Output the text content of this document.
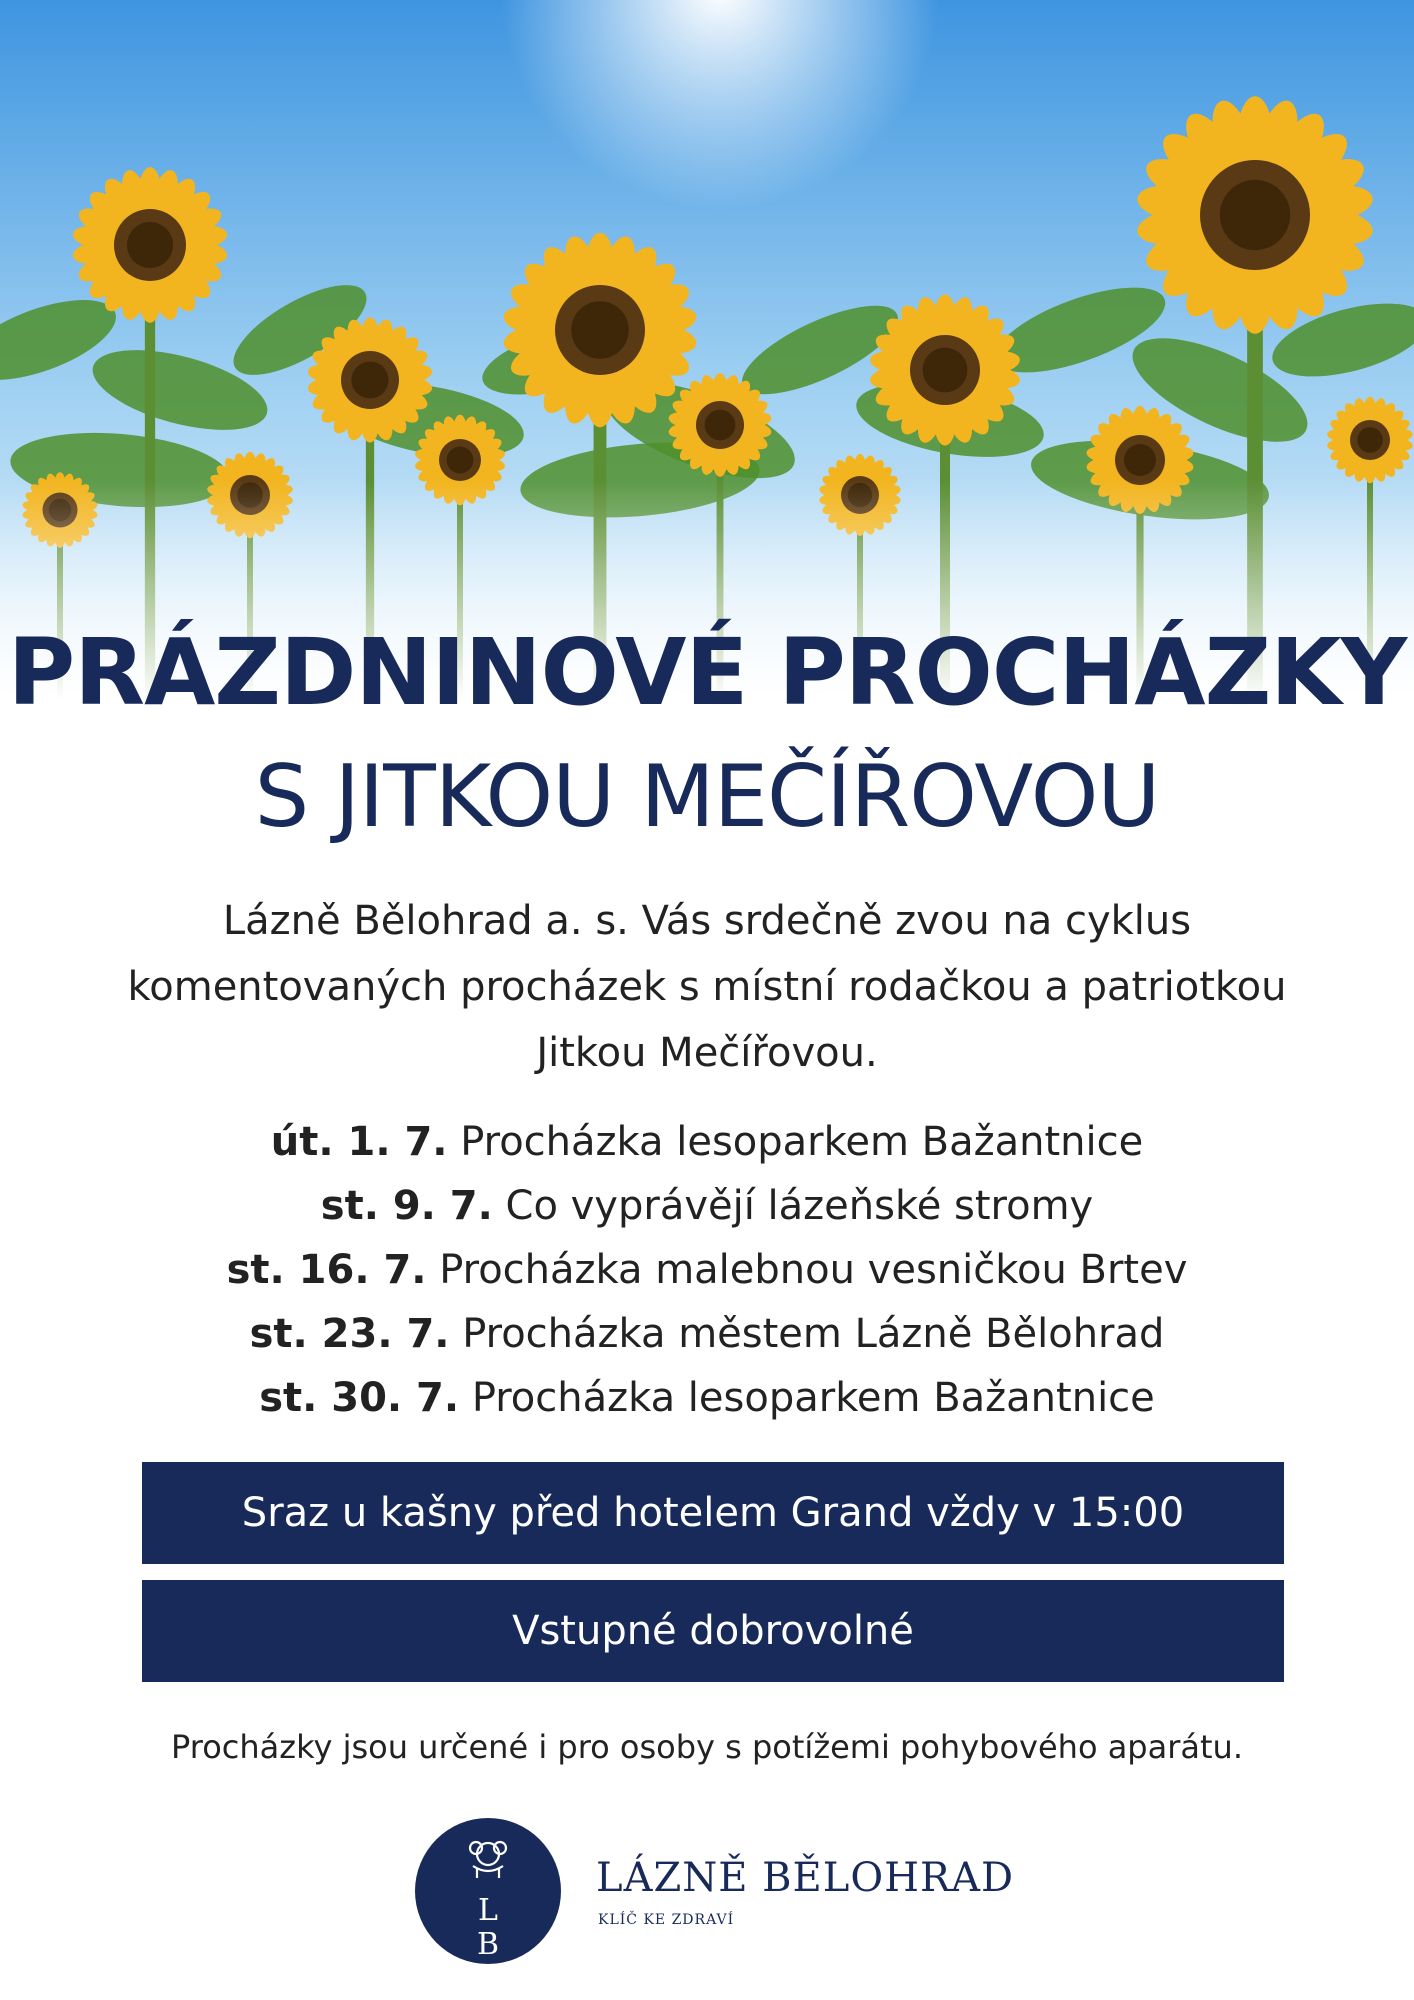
PRÁZDNINOVÉ PROCHÁZKY
S JITKOU MEČÍŘOVOU
Lázně Bělohrad a. s. Vás srdečně zvou na cyklus
komentovaných procházek s místní rodačkou a patriotkou
Jitkou Mečířovou.
út. 1. 7. Procházka lesoparkem Bažantnice
st. 9. 7. Co vyprávějí lázeňské stromy
st. 16. 7. Procházka malebnou vesničkou Brtev
st. 23. 7. Procházka městem Lázně Bělohrad
st. 30. 7. Procházka lesoparkem Bažantnice
Sraz u kašny před hotelem Grand vždy v 15:00
Vstupné dobrovolné
Procházky jsou určené i pro osoby s potížemi pohybového aparátu.
L
B
LÁZNĚ BĚLOHRAD
KLÍČ KE ZDRAVÍ
